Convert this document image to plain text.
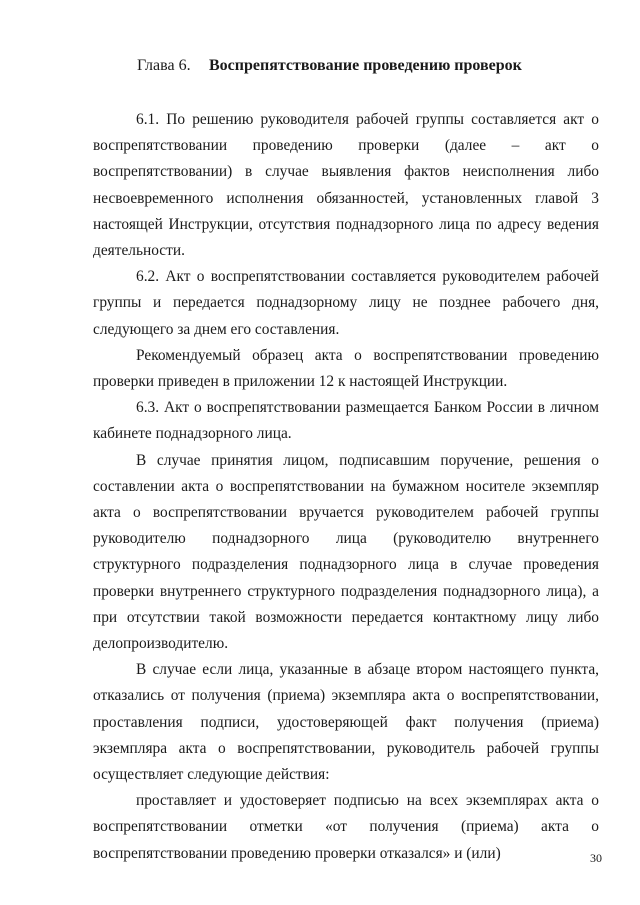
Глава 6. Воспрепятствование проведению проверок

6.1. По решению руководителя рабочей группы составляется акт о воспрепятствовании проведению проверки (далее – акт о воспрепятствовании) в случае выявления фактов неисполнения либо несвоевременного исполнения обязанностей, установленных главой 3 настоящей Инструкции, отсутствия поднадзорного лица по адресу ведения деятельности.

6.2. Акт о воспрепятствовании составляется руководителем рабочей группы и передается поднадзорному лицу не позднее рабочего дня, следующего за днем его составления.

Рекомендуемый образец акта о воспрепятствовании проведению проверки приведен в приложении 12 к настоящей Инструкции.

6.3. Акт о воспрепятствовании размещается Банком России в личном кабинете поднадзорного лица.

В случае принятия лицом, подписавшим поручение, решения о составлении акта о воспрепятствовании на бумажном носителе экземпляр акта о воспрепятствовании вручается руководителем рабочей группы руководителю поднадзорного лица (руководителю внутреннего структурного подразделения поднадзорного лица в случае проведения проверки внутреннего структурного подразделения поднадзорного лица), а при отсутствии такой возможности передается контактному лицу либо делопроизводителю.

В случае если лица, указанные в абзаце втором настоящего пункта, отказались от получения (приема) экземпляра акта о воспрепятствовании, проставления подписи, удостоверяющей факт получения (приема) экземпляра акта о воспрепятствовании, руководитель рабочей группы осуществляет следующие действия:

проставляет и удостоверяет подписью на всех экземплярах акта о воспрепятствовании отметки «от получения (приема) акта о воспрепятствовании проведению проверки отказался» и (или)	30
